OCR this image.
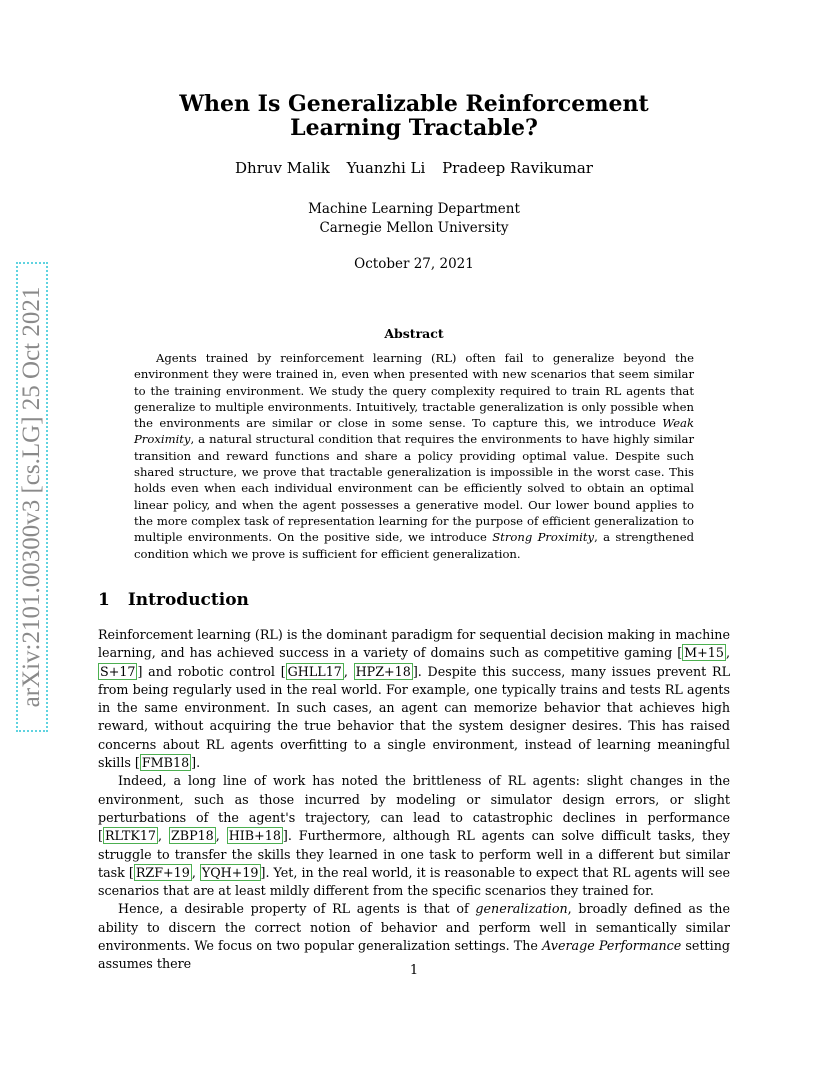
arXiv:2101.00300v3 [cs.LG] 25 Oct 2021
When Is Generalizable Reinforcement Learning Tractable?
Dhruv Malik Yuanzhi Li Pradeep Ravikumar
Machine Learning Department
Carnegie Mellon University
October 27, 2021
Abstract
Agents trained by reinforcement learning (RL) often fail to generalize beyond the environment they were trained in, even when presented with new scenarios that seem similar to the training environment. We study the query complexity required to train RL agents that generalize to multiple environments. Intuitively, tractable generalization is only possible when the environments are similar or close in some sense. To capture this, we introduce Weak Proximity, a natural structural condition that requires the environments to have highly similar transition and reward functions and share a policy providing optimal value. Despite such shared structure, we prove that tractable generalization is impossible in the worst case. This holds even when each individual environment can be efficiently solved to obtain an optimal linear policy, and when the agent possesses a generative model. Our lower bound applies to the more complex task of representation learning for the purpose of efficient generalization to multiple environments. On the positive side, we introduce Strong Proximity, a strengthened condition which we prove is sufficient for efficient generalization.
1 Introduction

Reinforcement learning (RL) is the dominant paradigm for sequential decision making in machine learning, and has achieved success in a variety of domains such as competitive gaming [ M+15 , S+17 ] and robotic control [ GHLL17 , HPZ+18 ]. Despite this success, many issues prevent RL from being regularly used in the real world. For example, one typically trains and tests RL agents in the same environment. In such cases, an agent can memorize behavior that achieves high reward, without acquiring the true behavior that the system designer desires. This has raised concerns about RL agents overfitting to a single environment, instead of learning meaningful skills [ FMB18 ].

Indeed, a long line of work has noted the brittleness of RL agents: slight changes in the environment, such as those incurred by modeling or simulator design errors, or slight perturbations of the agent's trajectory, can lead to catastrophic declines in performance [ RLTK17 , ZBP18 , HIB+18 ]. Furthermore, although RL agents can solve difficult tasks, they struggle to transfer the skills they learned in one task to perform well in a different but similar task [ RZF+19 , YQH+19 ]. Yet, in the real world, it is reasonable to expect that RL agents will see scenarios that are at least mildly different from the specific scenarios they trained for.

Hence, a desirable property of RL agents is that of generalization, broadly defined as the ability to discern the correct notion of behavior and perform well in semantically similar environments. We focus on two popular generalization settings. The Average Performance setting assumes there	1
